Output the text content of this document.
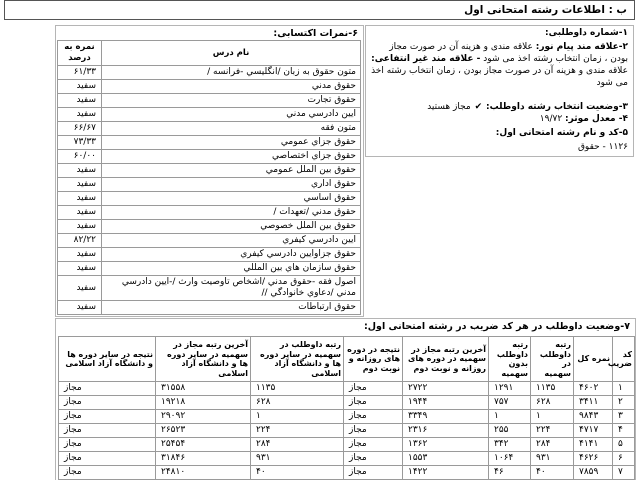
ب : اطلاعات رشته امتحانی اول
۱-شماره داوطلبی:
۲-علاقه مند پیام نور: علاقه مندی و هزینه آن در صورت مجاز بودن ، زمان انتخاب رشته اخذ می شود - علاقه مند غیر انتفاعی: علاقه مندی و هزینه آن در صورت مجاز بودن ، زمان انتخاب رشته اخذ می شود
۳-وضعیت انتخاب رشته داوطلب: ✔ مجاز هستید
۴- معدل موثر: ۱۹/۷۲
۵-کد و نام رشته امتحانی اول:
۱۱۲۶ - حقوق
۶-نمرات اکتسابی:
نام درس	نمره به درصد
متون حقوق به زبان /انگليسي -فرانسه /	۶۱/۳۳
حقوق مدني	سفید
حقوق تجارت	سفید
ايين دادرسي مدني	سفید
متون فقه	۶۶/۶۷
حقوق جزاي عمومي	۷۳/۳۳
حقوق جزاي اختصاصي	۶۰/۰۰
حقوق بين الملل عمومي	سفید
حقوق اداري	سفید
حقوق اساسي	سفید
حقوق مدني /تعهدات /	سفید
حقوق بين الملل خصوصي	سفید
ايين دادرسي كيفري	۸۲/۲۲
حقوق جزاوايين دادرسي كيفري	سفید
حقوق سازمان هاي بين المللي	سفید
اصول فقه -حقوق مدني /اشخاص تاوصيت وارث /-ايين دادرسي مدني /دعاوي خانوادگي //	سفید
حقوق ارتباطات	سفید
۷-وضعیت داوطلب در هر کد ضریب در رشته امتحانی اول:
کد ضریب	نمره کل	رتبه داوطلب در سهمیه	رتبه داوطلب بدون سهمیه	آخرین رتبه مجاز در سهمیه در دوره های روزانه و نوبت دوم	نتیجه در دوره های روزانه و نوبت دوم	رتبه داوطلب در سهمیه در سایر دوره ها و دانشگاه آزاد اسلامی	آخرین رتبه مجاز در سهمیه در سایر دوره ها و دانشگاه آزاد اسلامی	نتیجه در سایر دوره ها و دانشگاه آزاد اسلامی
۱	۴۶۰۲	۱۱۳۵	۱۲۹۱	۲۷۲۲	مجاز	۱۱۳۵	۳۱۵۵۸	مجاز
۲	۳۴۱۱	۶۲۸	۷۵۷	۱۹۴۴	مجاز	۶۲۸	۱۹۲۱۸	مجاز
۳	۹۸۴۳	۱	۱	۳۳۴۹	مجاز	۱	۲۹۰۹۲	مجاز
۴	۴۷۱۷	۲۲۴	۲۵۵	۲۳۱۶	مجاز	۲۲۴	۲۶۵۲۳	مجاز
۵	۴۱۴۱	۲۸۴	۳۴۲	۱۳۶۲	مجاز	۲۸۴	۲۵۴۵۴	مجاز
۶	۴۶۲۶	۹۳۱	۱۰۶۴	۱۵۵۳	مجاز	۹۳۱	۳۱۸۴۶	مجاز
۷	۷۸۵۹	۴۰	۴۶	۱۴۲۲	مجاز	۴۰	۲۴۸۱۰	مجاز
